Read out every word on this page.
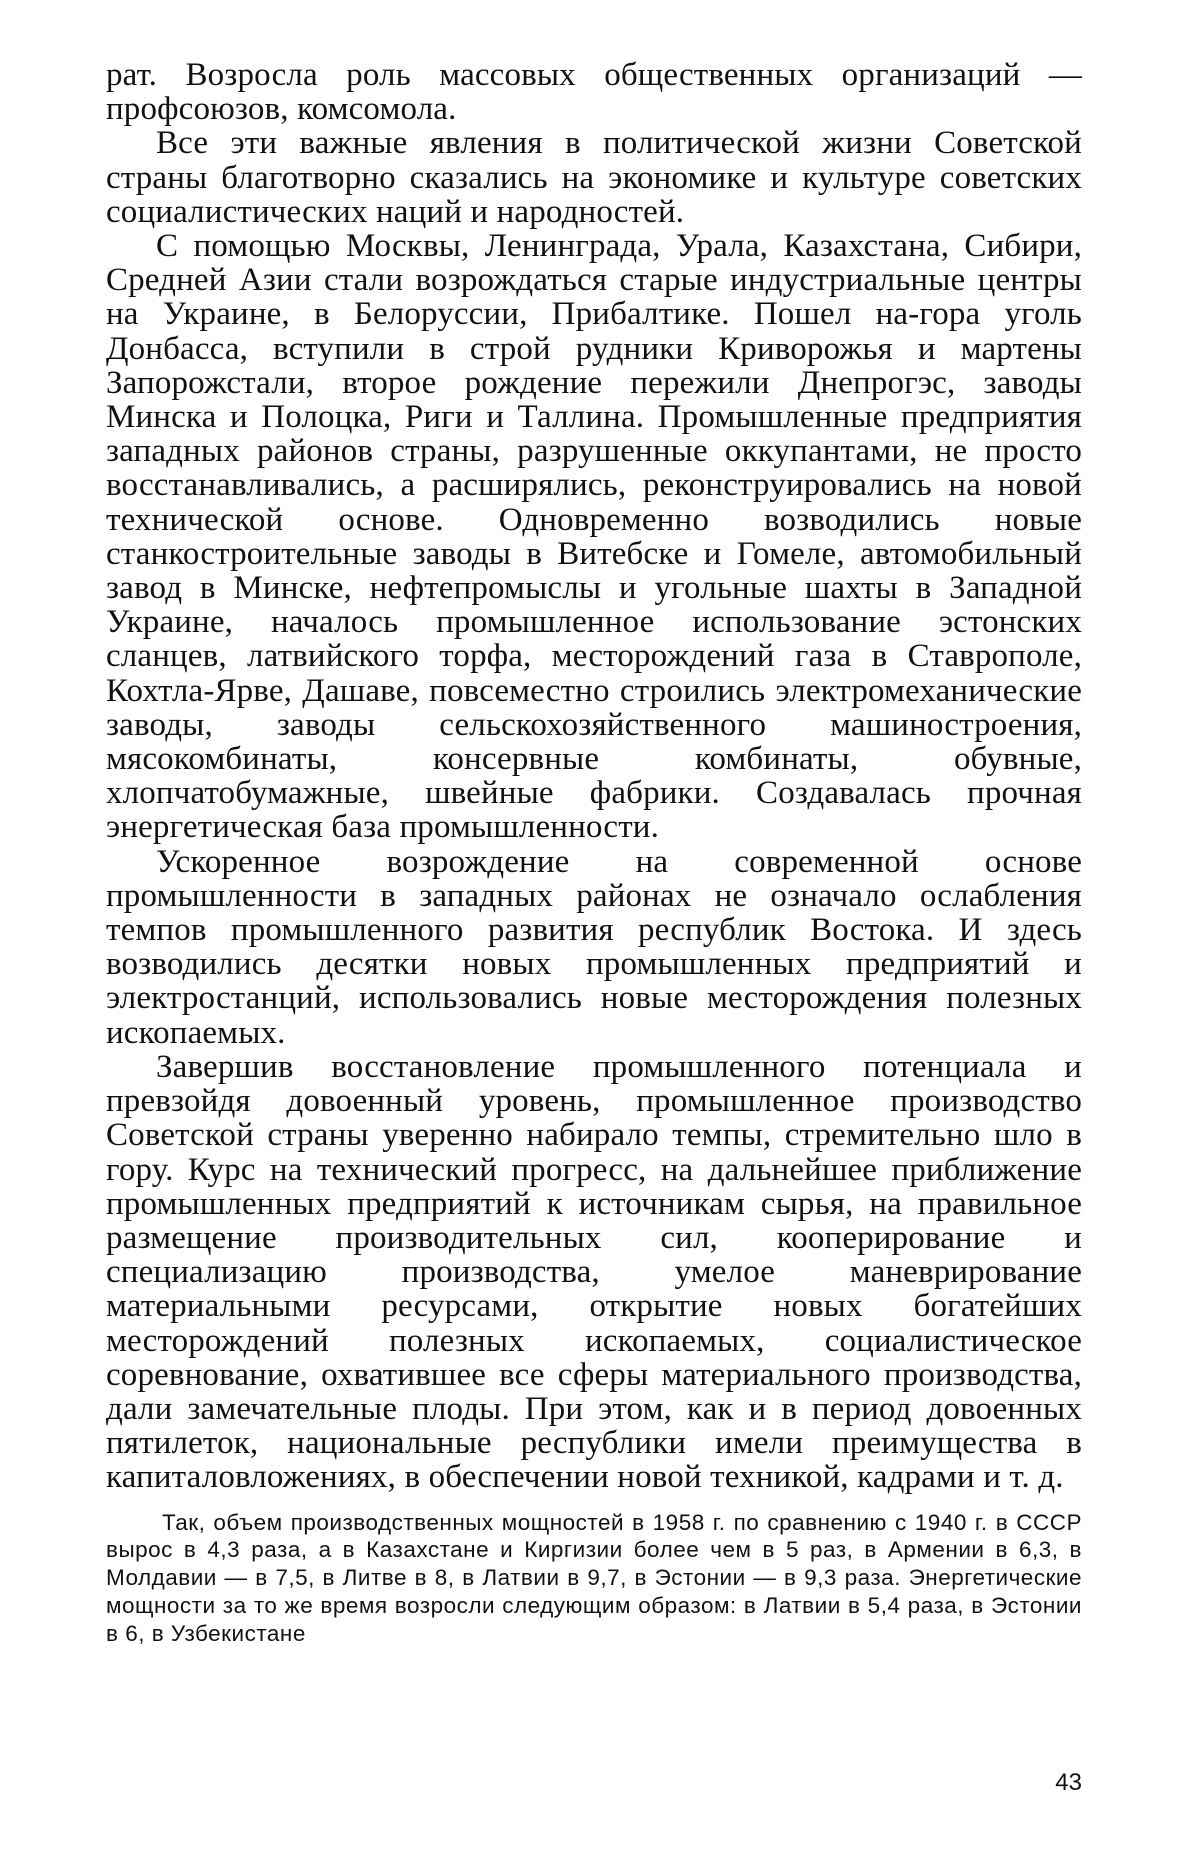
рат. Возросла роль массовых общественных организаций — профсоюзов, комсомола.

Все эти важные явления в политической жизни Советской страны благотворно сказались на экономике и культуре советских социалистических наций и народностей.

С помощью Москвы, Ленинграда, Урала, Казахстана, Сибири, Средней Азии стали возрождаться старые индустриальные центры на Украине, в Белоруссии, Прибалтике. Пошел на-гора уголь Донбасса, вступили в строй рудники Криворожья и мартены Запорожстали, второе рождение пережили Днепрогэс, заводы Минска и Полоцка, Риги и Таллина. Промышленные предприятия западных районов страны, разрушенные оккупантами, не просто восстанавливались, а расширялись, реконструировались на новой технической основе. Одновременно возводились новые станкостроительные заводы в Витебске и Гомеле, автомобильный завод в Минске, нефтепромыслы и угольные шахты в Западной Украине, началось промышленное использование эстонских сланцев, латвийского торфа, месторождений газа в Ставрополе, Кохтла-Ярве, Дашаве, повсеместно строились электромеханические заводы, заводы сельскохозяйственного машиностроения, мясокомбинаты, консервные комбинаты, обувные, хлопчатобумажные, швейные фабрики. Создавалась прочная энергетическая база промышленности.

Ускоренное возрождение на современной основе промышленности в западных районах не означало ослабления темпов промышленного развития республик Востока. И здесь возводились десятки новых промышленных предприятий и электростанций, использовались новые месторождения полезных ископаемых.

Завершив восстановление промышленного потенциала и превзойдя довоенный уровень, промышленное производство Советской страны уверенно набирало темпы, стремительно шло в гору. Курс на технический прогресс, на дальнейшее приближение промышленных предприятий к источникам сырья, на правильное размещение производительных сил, кооперирование и специализацию производства, умелое маневрирование материальными ресурсами, открытие новых богатейших месторождений полезных ископаемых, социалистическое соревнование, охватившее все сферы материального производства, дали замечательные плоды. При этом, как и в период довоенных пятилеток, национальные республики имели преимущества в капиталовложениях, в обеспечении новой техникой, кадрами и т. д.

Так, объем производственных мощностей в 1958 г. по сравнению с 1940 г. в СССР вырос в 4,3 раза, а в Казахстане и Киргизии более чем в 5 раз, в Армении в 6,3, в Молдавии — в 7,5, в Литве в 8, в Латвии в 9,7, в Эстонии — в 9,3 раза. Энергетические мощности за то же время возросли следующим образом: в Латвии в 5,4 раза, в Эстонии в 6, в Узбекистане

43
